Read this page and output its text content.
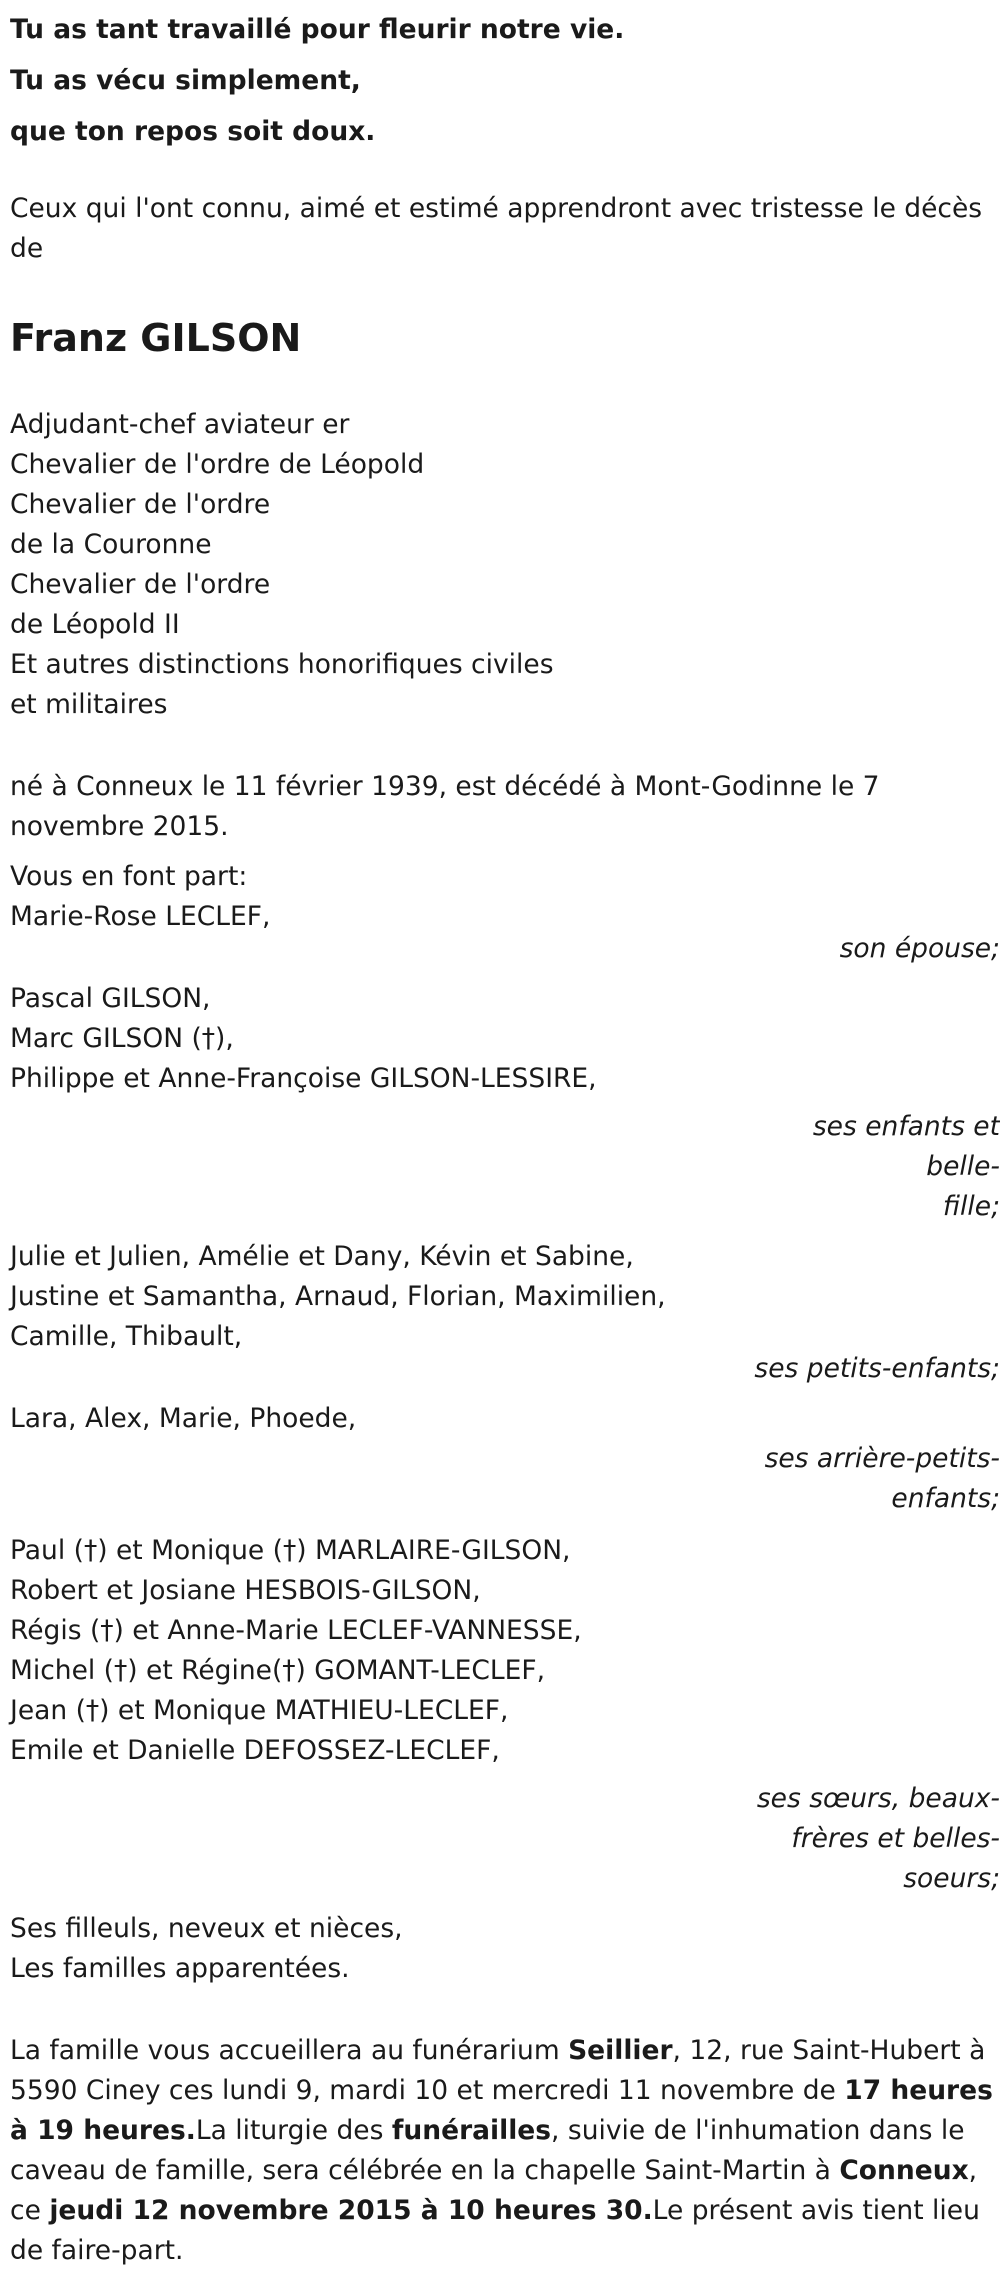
Tu as tant travaillé pour fleurir notre vie.
Tu as vécu simplement,
que ton repos soit doux.

Ceux qui l'ont connu, aimé et estimé apprendront avec tristesse le décès de

Franz GILSON

Adjudant-chef aviateur er
Chevalier de l'ordre de Léopold
Chevalier de l'ordre
de la Couronne
Chevalier de l'ordre
de Léopold II
Et autres distinctions honorifiques civiles
et militaires

né à Conneux le 11 février 1939, est décédé à Mont-Godinne le 7 novembre 2015.

Vous en font part:
Marie-Rose LECLEF,
son épouse;
Pascal GILSON,
Marc GILSON (†),
Philippe et Anne-Françoise GILSON-LESSIRE,
ses enfants et belle-
fille;
Julie et Julien, Amélie et Dany, Kévin et Sabine,
Justine et Samantha, Arnaud, Florian, Maximilien,
Camille, Thibault,
ses petits-enfants;
Lara, Alex, Marie, Phoede,
ses arrière-petits-
enfants;
Paul (†) et Monique (†) MARLAIRE-GILSON,
Robert et Josiane HESBOIS-GILSON,
Régis (†) et Anne-Marie LECLEF-VANNESSE,
Michel (†) et Régine(†) GOMANT-LECLEF,
Jean (†) et Monique MATHIEU-LECLEF,
Emile et Danielle DEFOSSEZ-LECLEF,
ses sœurs, beaux-
frères et belles-
soeurs;
Ses filleuls, neveux et nièces,
Les familles apparentées.

La famille vous accueillera au funérarium Seillier, 12, rue Saint-Hubert à 5590 Ciney ces lundi 9, mardi 10 et mercredi 11 novembre de 17 heures à 19 heures.La liturgie des funérailles, suivie de l'inhumation dans le caveau de famille, sera célébrée en la chapelle Saint-Martin à Conneux, ce jeudi 12 novembre 2015 à 10 heures 30.Le présent avis tient lieu de faire-part.
